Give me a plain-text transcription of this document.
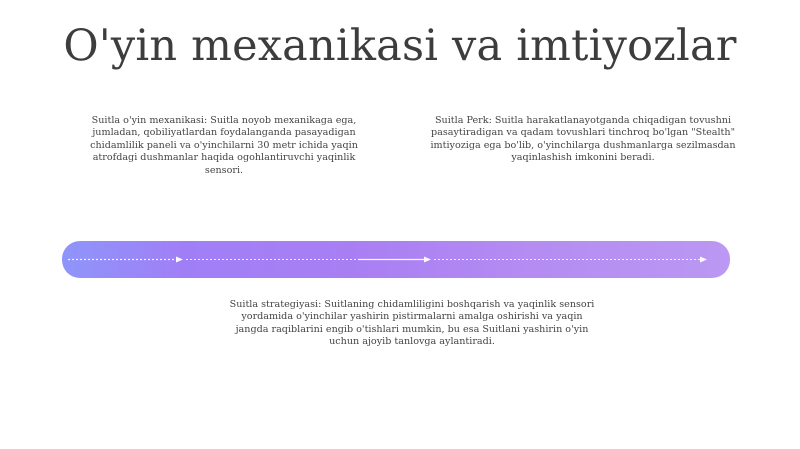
O'yin mexanikasi va imtiyozlar

Suitla o'yin mexanikasi: Suitla noyob mexanikaga ega, jumladan, qobiliyatlardan foydalanganda pasayadigan chidamlilik paneli va o'yinchilarni 30 metr ichida yaqin atrofdagi dushmanlar haqida ogohlantiruvchi yaqinlik sensori.

Suitla Perk: Suitla harakatlanayotganda chiqadigan tovushni pasaytiradigan va qadam tovushlari tinchroq bo'lgan "Stealth" imtiyoziga ega bo'lib, o'yinchilarga dushmanlarga sezilmasdan yaqinlashish imkonini beradi.

Suitla strategiyasi: Suitlaning chidamliligini boshqarish va yaqinlik sensori yordamida o'yinchilar yashirin pistirmalarni amalga oshirishi va yaqin jangda raqiblarini engib o'tishlari mumkin, bu esa Suitlani yashirin o'yin uchun ajoyib tanlovga aylantiradi.
